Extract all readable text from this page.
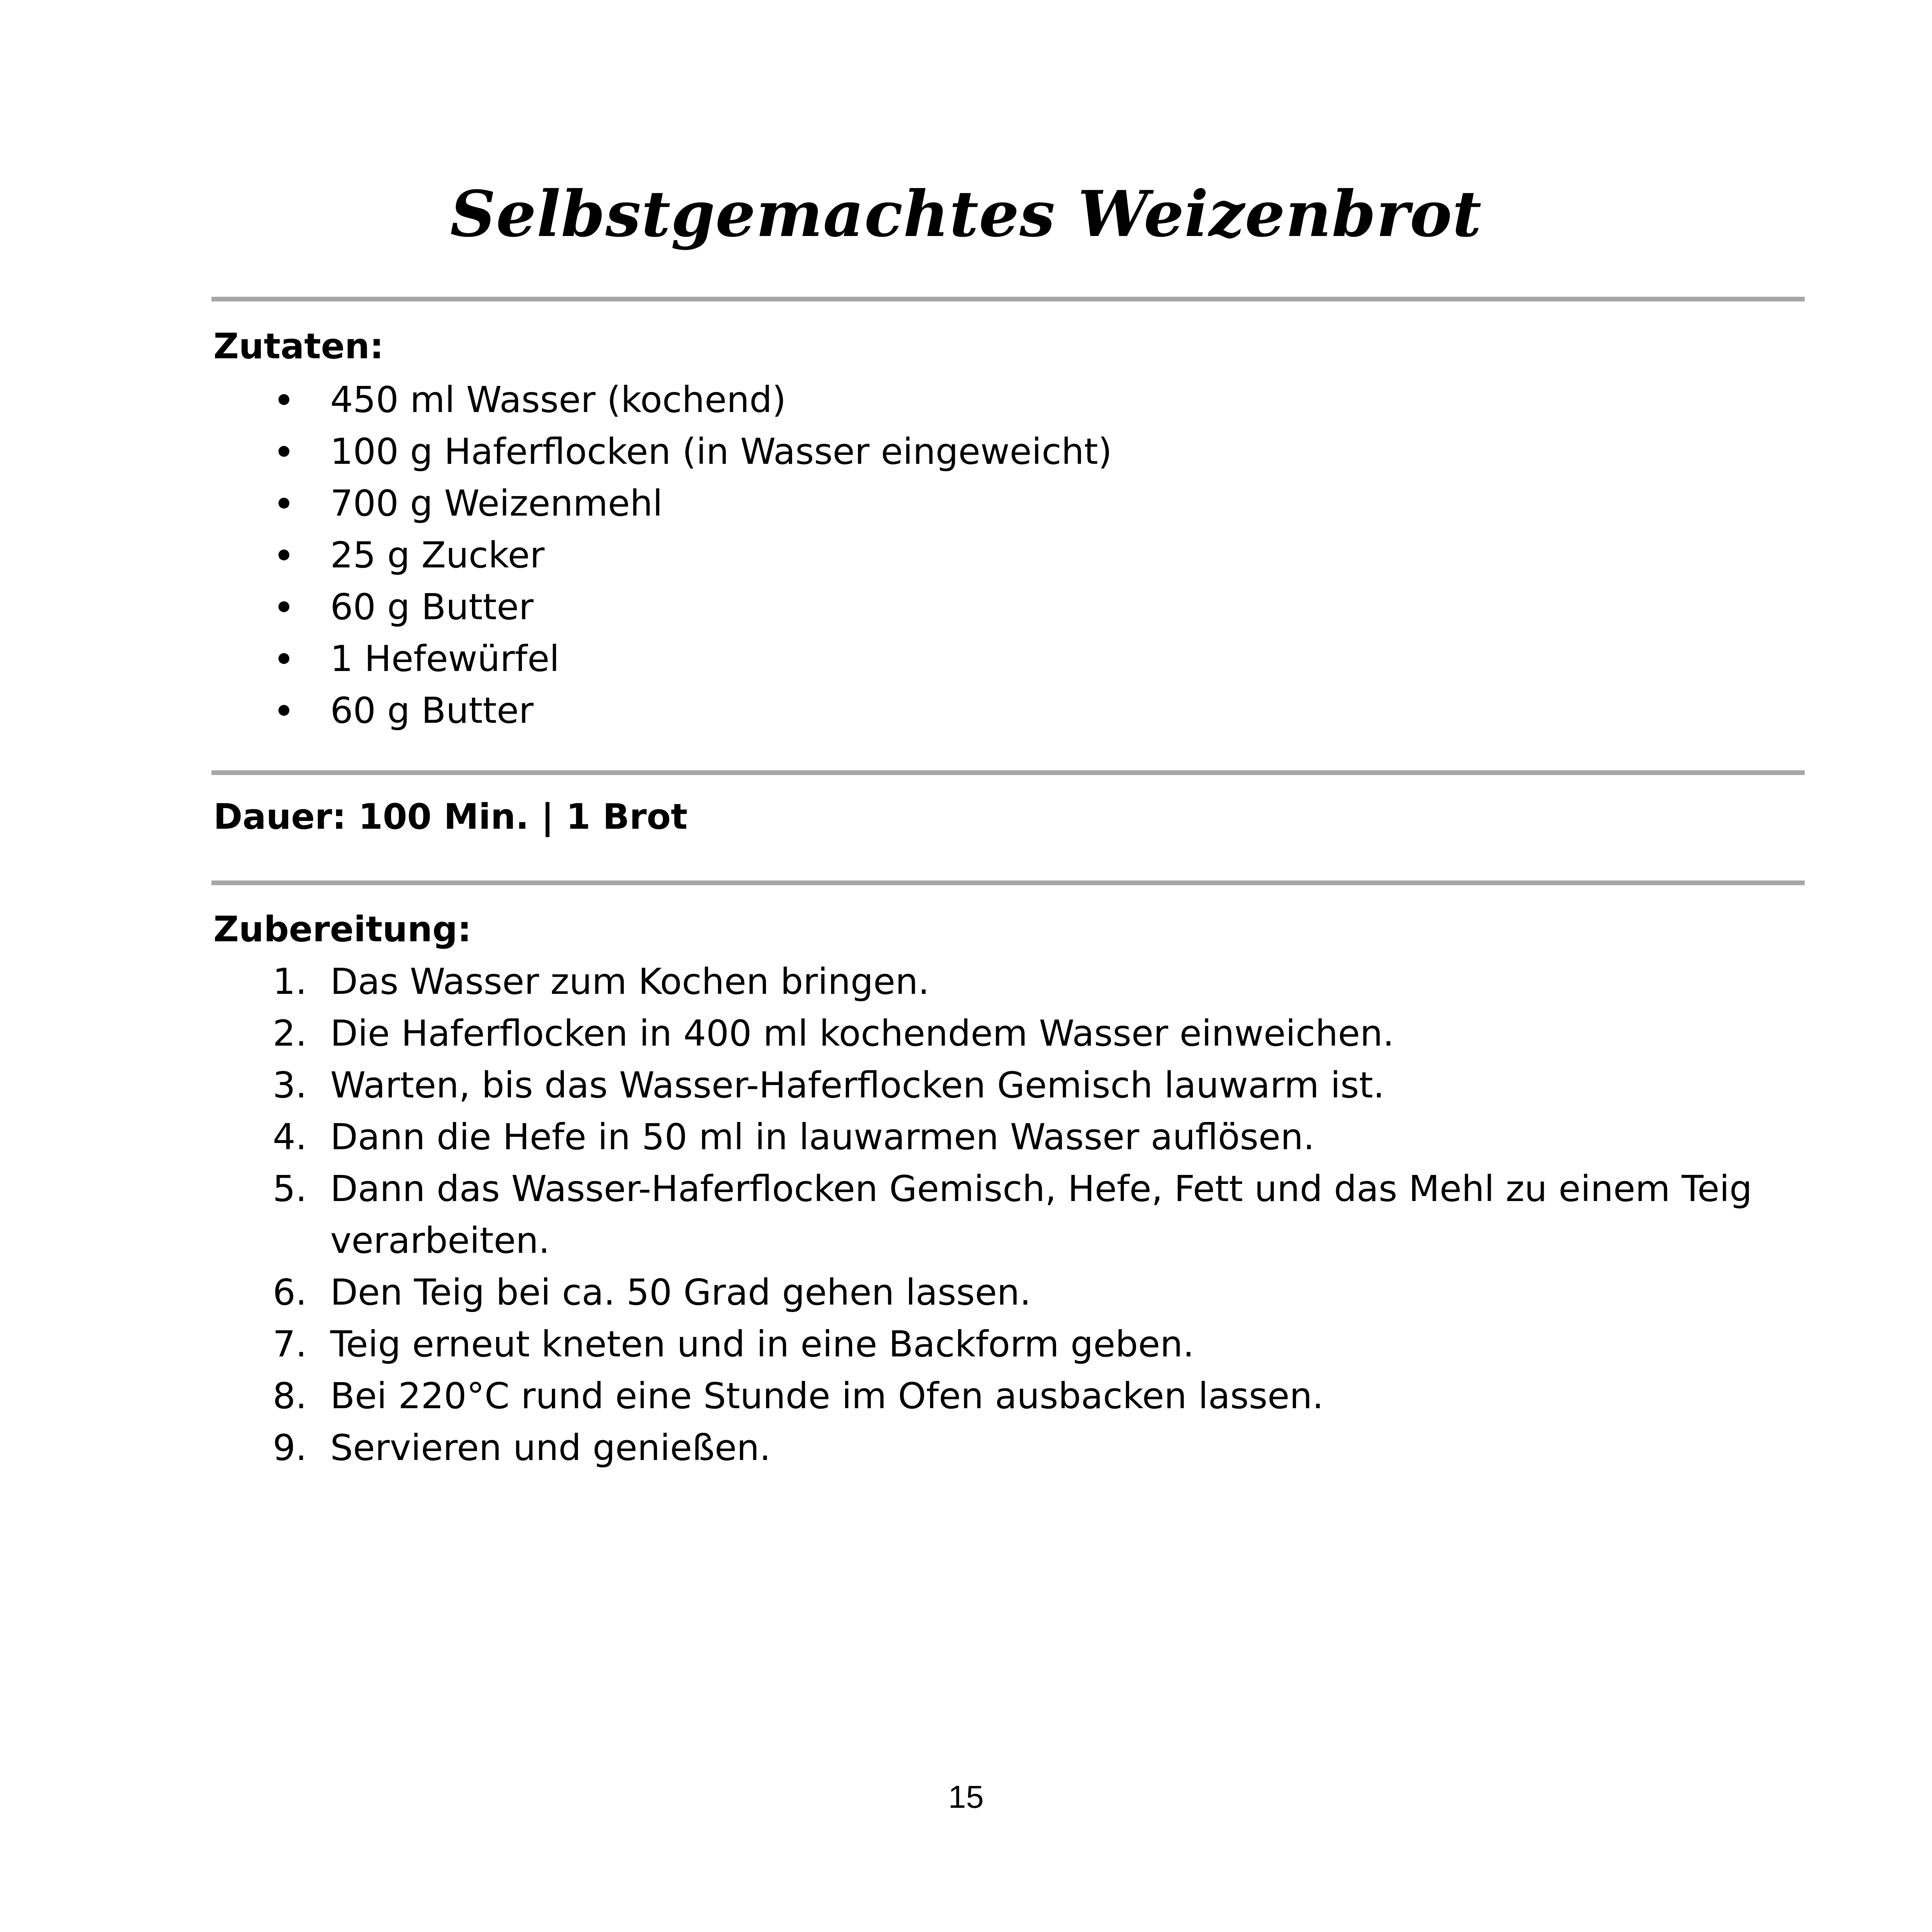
Selbstgemachtes Weizenbrot
Zutaten:
450 ml Wasser (kochend)
100 g Haferflocken (in Wasser eingeweicht)
700 g Weizenmehl
25 g Zucker
60 g Butter
1 Hefewürfel
60 g Butter
Dauer: 100 Min. | 1 Brot
Zubereitung:
1. Das Wasser zum Kochen bringen.
2. Die Haferflocken in 400 ml kochendem Wasser einweichen.
3. Warten, bis das Wasser-Haferflocken Gemisch lauwarm ist.
4. Dann die Hefe in 50 ml in lauwarmen Wasser auflösen.
5. Dann das Wasser-Haferflocken Gemisch, Hefe, Fett und das Mehl zu einem Teig verarbeiten.
6. Den Teig bei ca. 50 Grad gehen lassen.
7. Teig erneut kneten und in eine Backform geben.
8. Bei 220°C rund eine Stunde im Ofen ausbacken lassen.
9. Servieren und genießen.

15
